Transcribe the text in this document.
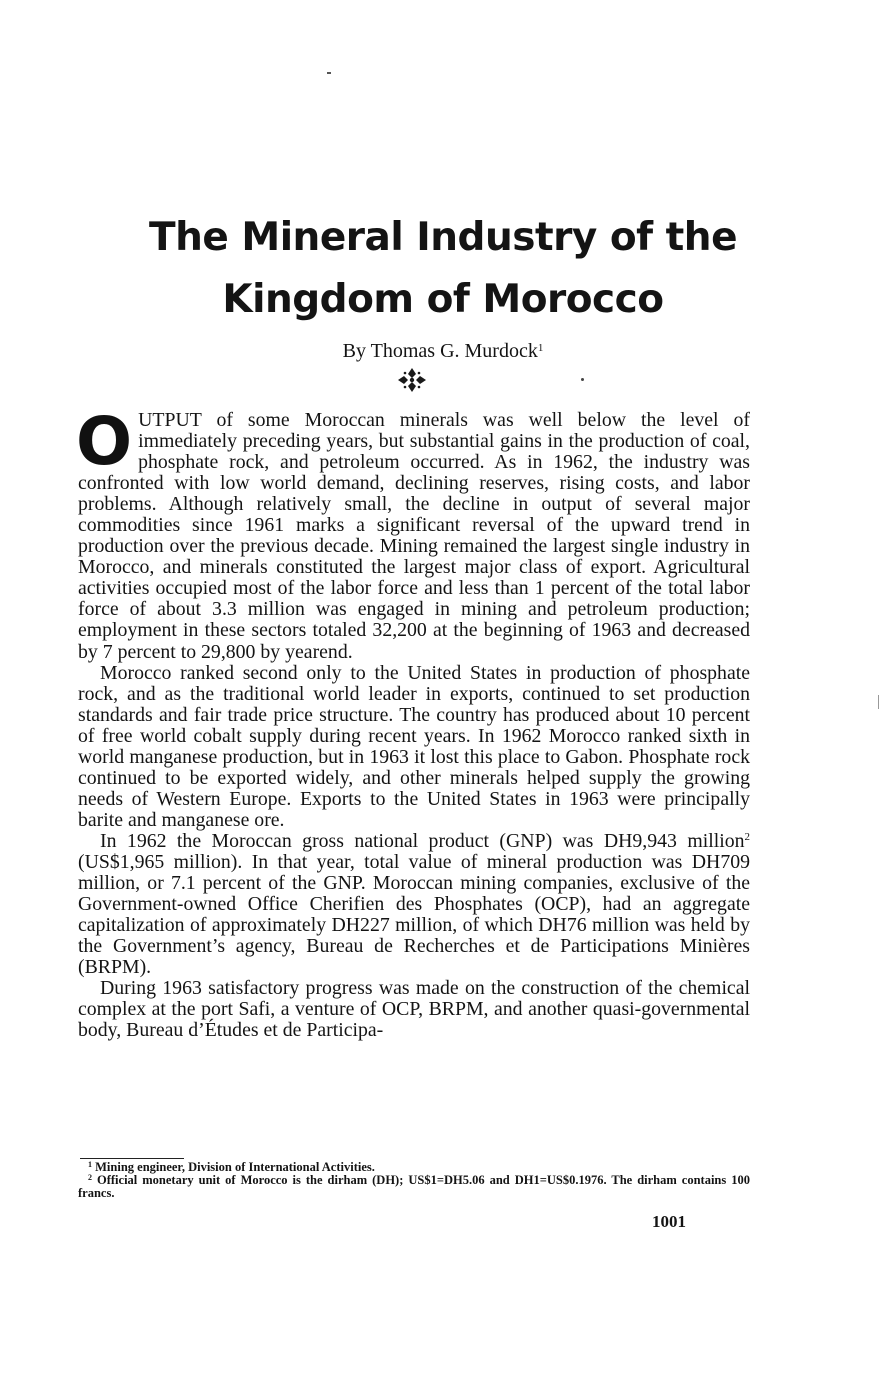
The Mineral Industry of the
Kingdom of Morocco
By Thomas G. Murdock$^1$

OUTPUT of some Moroccan minerals was well below the level of immediately preceding years, but substantial gains in the production of coal, phosphate rock, and petroleum occurred. As in 1962, the industry was confronted with low world demand, declining reserves, rising costs, and labor problems. Although relatively small, the decline in output of several major commodities since 1961 marks a significant reversal of the upward trend in production over the previous decade. Mining remained the largest single industry in Morocco, and minerals constituted the largest major class of export. Agricultural activities occupied most of the labor force and less than 1 percent of the total labor force of about 3.3 million was engaged in mining and petroleum production; employment in these sectors totaled 32,200 at the beginning of 1963 and decreased by 7 percent to 29,800 by yearend.

Morocco ranked second only to the United States in production of phosphate rock, and as the traditional world leader in exports, continued to set production standards and fair trade price structure. The country has produced about 10 percent of free world cobalt supply during recent years. In 1962 Morocco ranked sixth in world manganese production, but in 1963 it lost this place to Gabon. Phosphate rock continued to be exported widely, and other minerals helped supply the growing needs of Western Europe. Exports to the United States in 1963 were principally barite and manganese ore.

In 1962 the Moroccan gross national product (GNP) was DH9,943 million$^2$ (US$1,965 million). In that year, total value of mineral production was DH709 million, or 7.1 percent of the GNP. Moroccan mining companies, exclusive of the Government-owned Office Cherifien des Phosphates (OCP), had an aggregate capitalization of approximately DH227 million, of which DH76 million was held by the Government’s agency, Bureau de Recherches et de Participations Minières (BRPM).

During 1963 satisfactory progress was made on the construction of the chemical complex at the port Safi, a venture of OCP, BRPM, and another quasi-governmental body, Bureau d’Études et de Participa-

$^1$ Mining engineer, Division of International Activities.

$^2$ Official monetary unit of Morocco is the dirham (DH); US$1=DH5.06 and DH1=US$0.1976. The dirham contains 100 francs.

1001
